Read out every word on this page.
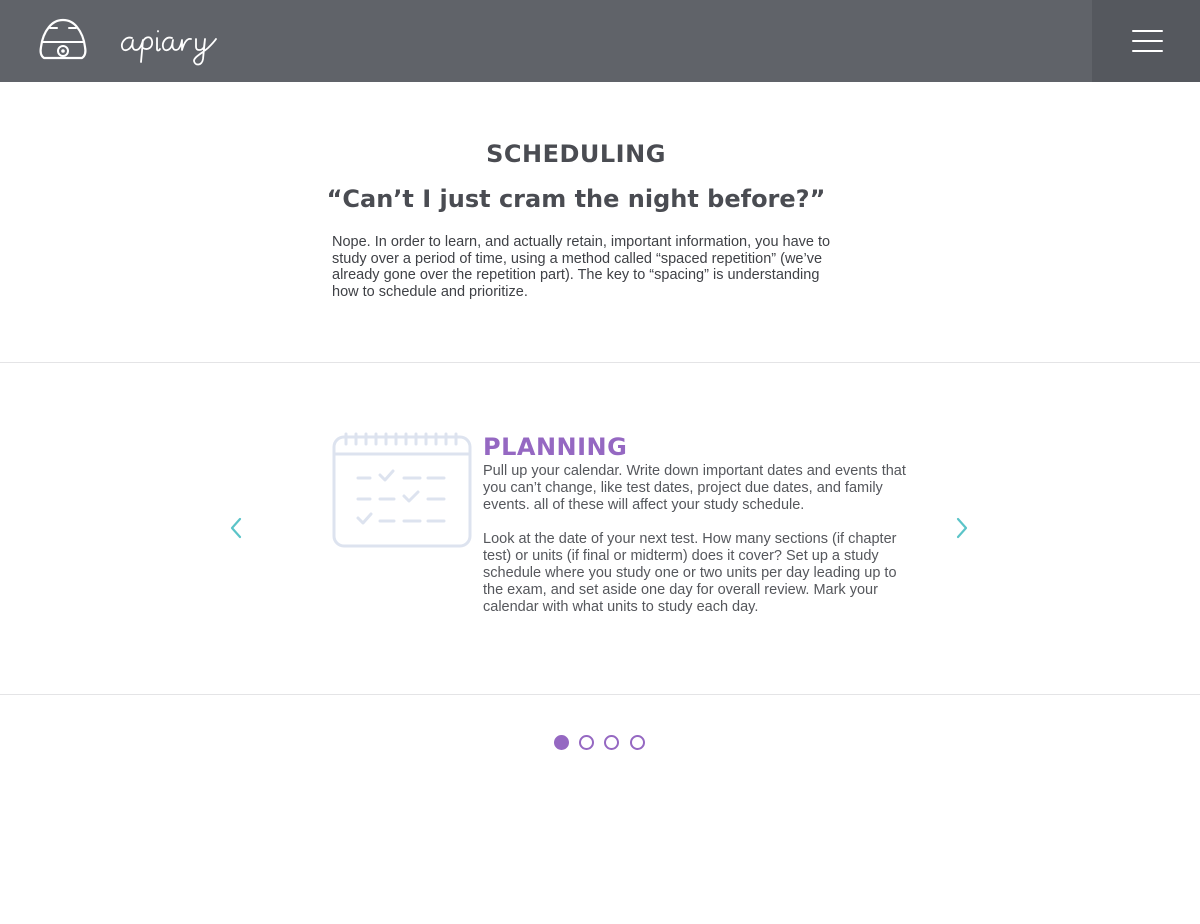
SCHEDULING
“Can’t I just cram the night before?”

Nope. In order to learn, and actually retain, important information, you have to study over a period of time, using a method called “spaced repetition” (we’ve already gone over the repetition part). The key to “spacing” is understanding how to schedule and prioritize.

PLANNING

Pull up your calendar. Write down important dates and events that you can’t change, like test dates, project due dates, and family events. all of these will affect your study schedule.

Look at the date of your next test. How many sections (if chapter test) or units (if final or midterm) does it cover? Set up a study schedule where you study one or two units per day leading up to the exam, and set aside one day for overall review. Mark your calendar with what units to study each day.
